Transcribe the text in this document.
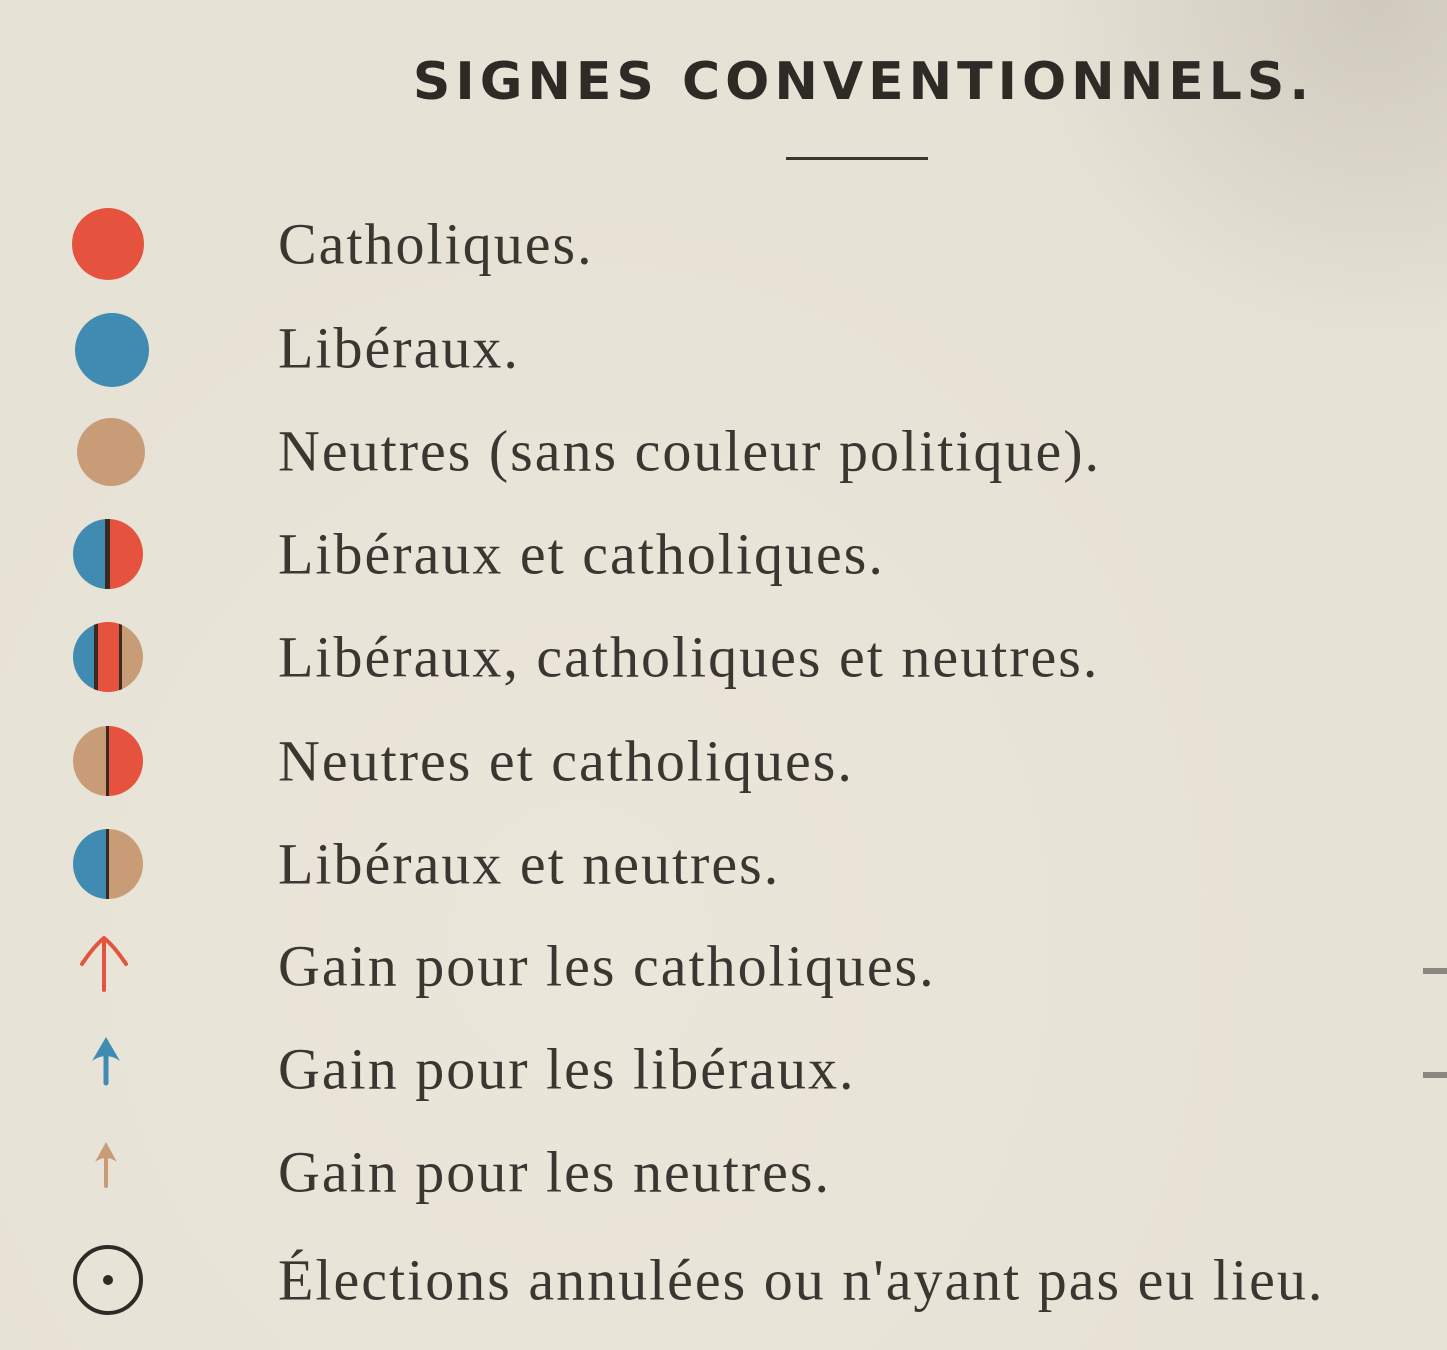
SIGNES CONVENTIONNELS.
Catholiques.
Libéraux.
Neutres (sans couleur politique).
Libéraux et catholiques.
Libéraux, catholiques et neutres.
Neutres et catholiques.
Libéraux et neutres.
Gain pour les catholiques.
Gain pour les libéraux.
Gain pour les neutres.
Élections annulées ou n'ayant pas eu lieu.
